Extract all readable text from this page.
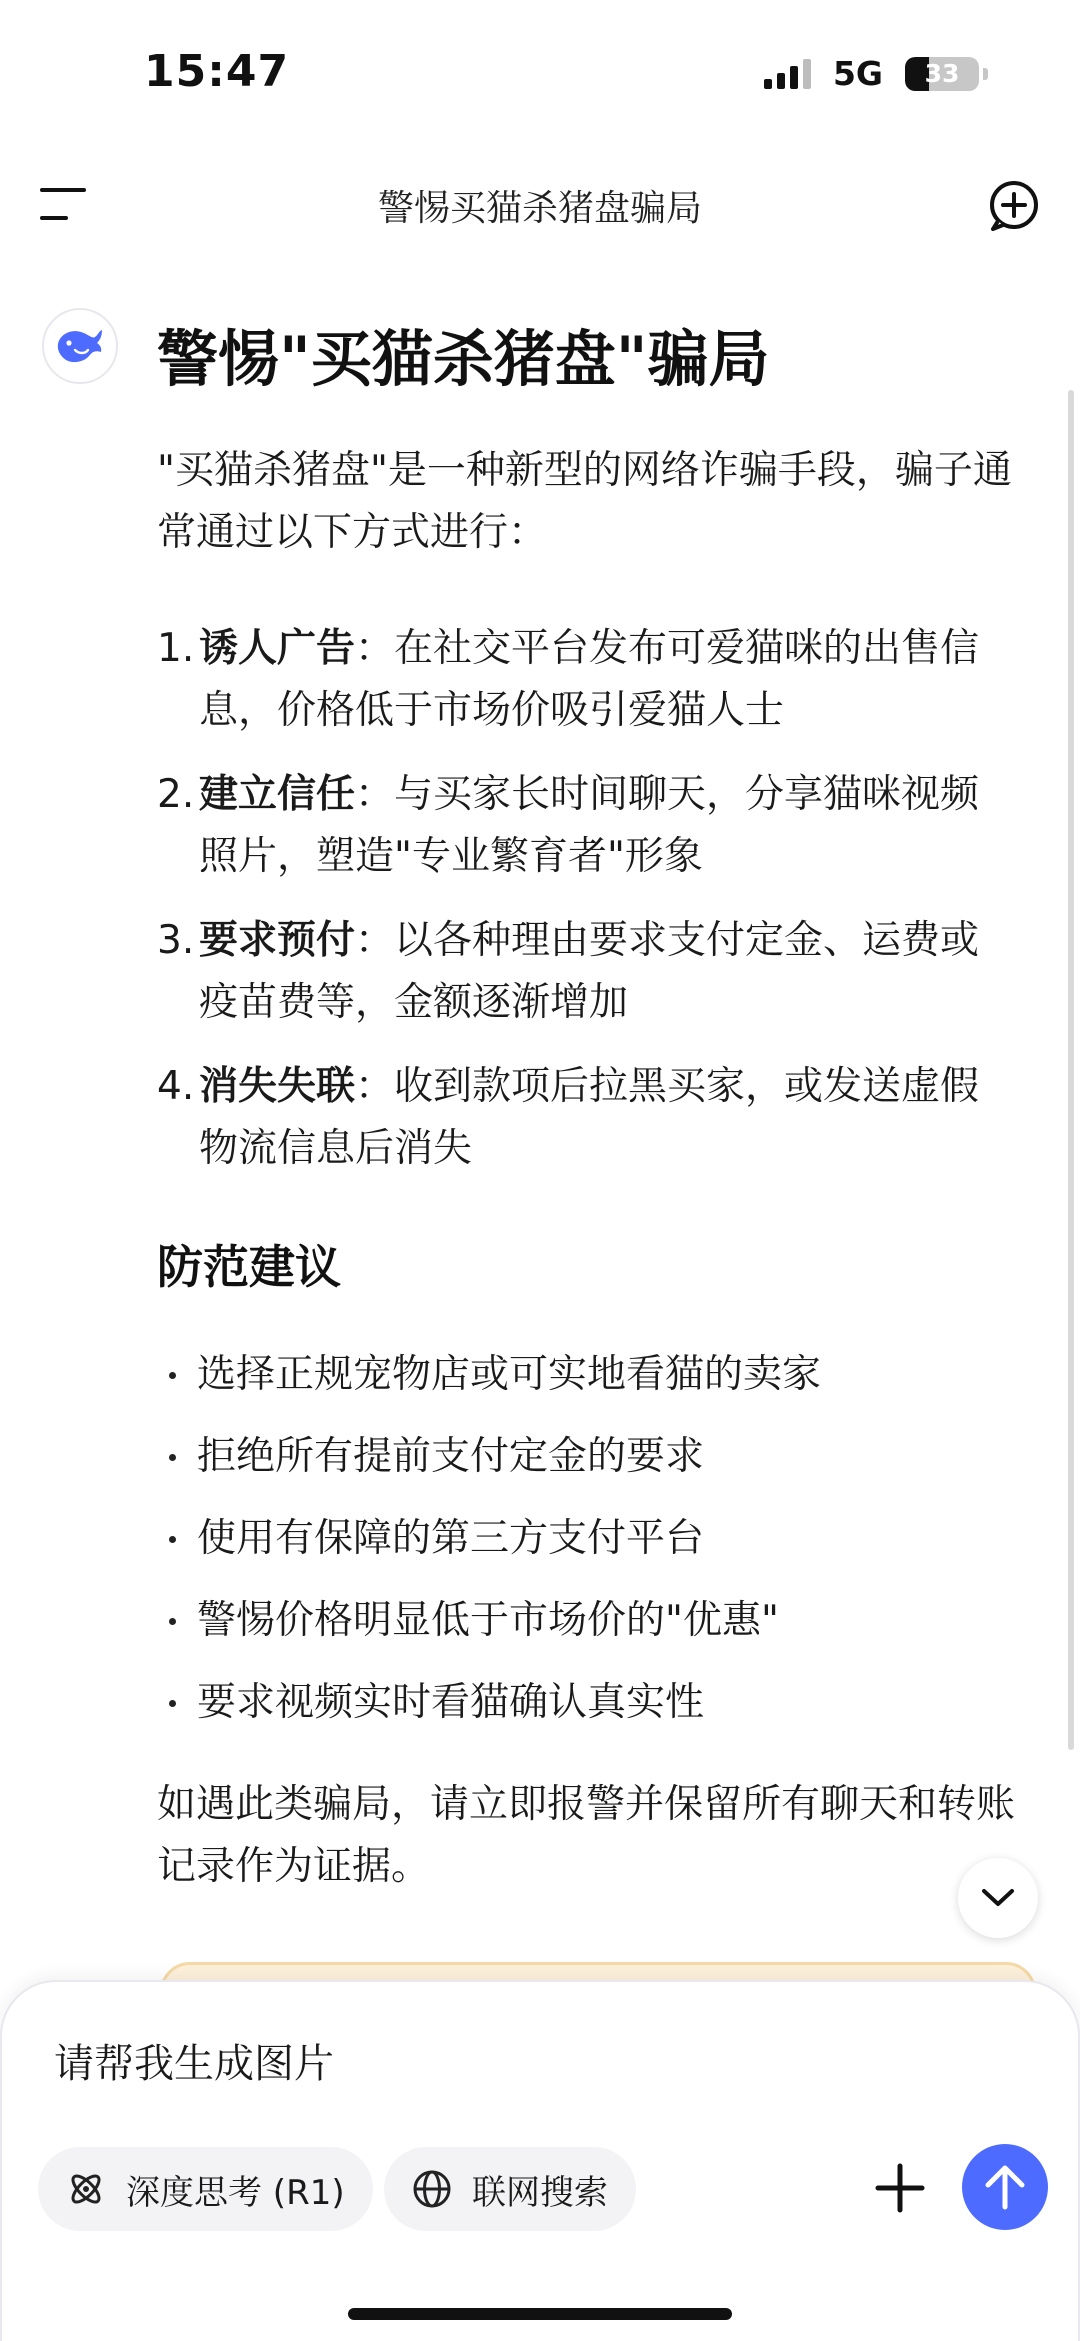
15:47	5G	33
警惕买猫杀猪盘骗局
警惕"买猫杀猪盘"骗局
"买猫杀猪盘"是一种新型的网络诈骗手段，骗子通常通过以下方式进行：
1. 诱人广告：在社交平台发布可爱猫咪的出售信息，价格低于市场价吸引爱猫人士
2. 建立信任：与买家长时间聊天，分享猫咪视频照片，塑造"专业繁育者"形象
3. 要求预付：以各种理由要求支付定金、运费或疫苗费等，金额逐渐增加
4. 消失失联：收到款项后拉黑买家，或发送虚假物流信息后消失
防范建议
选择正规宠物店或可实地看猫的卖家
拒绝所有提前支付定金的要求
使用有保障的第三方支付平台
警惕价格明显低于市场价的"优惠"
要求视频实时看猫确认真实性
如遇此类骗局，请立即报警并保留所有聊天和转账记录作为证据。
请帮我生成图片
深度思考 (R1)	联网搜索
